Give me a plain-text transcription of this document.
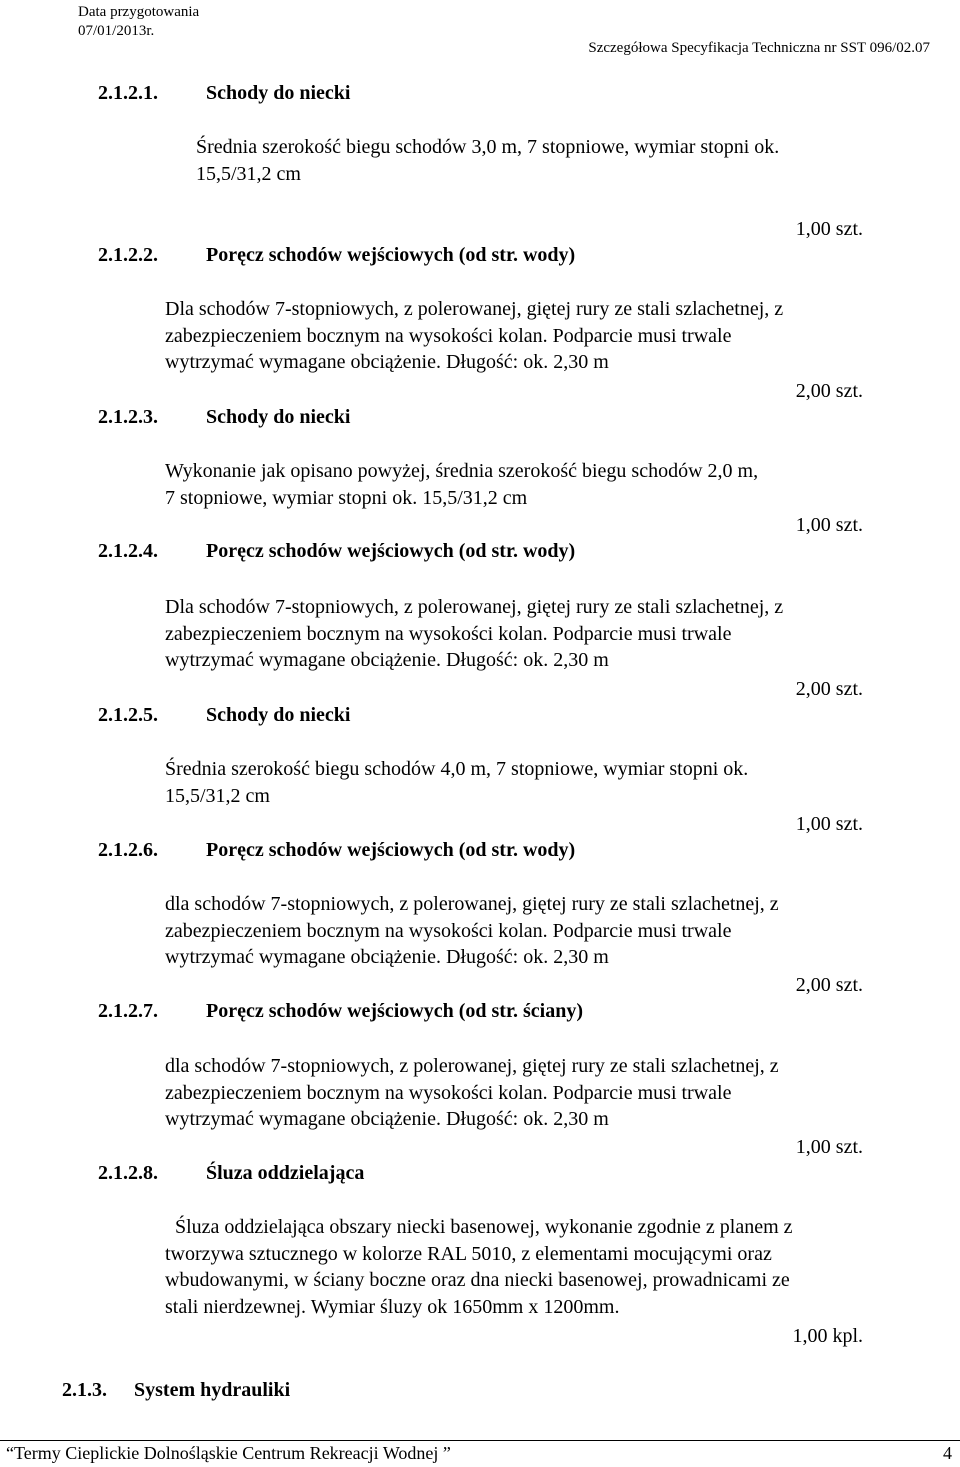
Data przygotowania
07/01/2013r.
Szczegółowa Specyfikacja Techniczna nr SST 096/02.07
2.1.2.1. Schody do niecki
Średnia szerokość biegu schodów 3,0 m, 7 stopniowe, wymiar stopni ok.
15,5/31,2 cm
1,00 szt.
2.1.2.2. Poręcz schodów wejściowych (od str. wody)
Dla schodów 7-stopniowych, z polerowanej, giętej rury ze stali szlachetnej, z
zabezpieczeniem bocznym na wysokości kolan. Podparcie musi trwale
wytrzymać wymagane obciążenie. Długość: ok. 2,30 m
2,00 szt.
2.1.2.3. Schody do niecki
Wykonanie jak opisano powyżej, średnia szerokość biegu schodów 2,0 m,
7 stopniowe, wymiar stopni ok. 15,5/31,2 cm
1,00 szt.
2.1.2.4. Poręcz schodów wejściowych (od str. wody)
Dla schodów 7-stopniowych, z polerowanej, giętej rury ze stali szlachetnej, z
zabezpieczeniem bocznym na wysokości kolan. Podparcie musi trwale
wytrzymać wymagane obciążenie. Długość: ok. 2,30 m
2,00 szt.
2.1.2.5. Schody do niecki
Średnia szerokość biegu schodów 4,0 m, 7 stopniowe, wymiar stopni ok.
15,5/31,2 cm
1,00 szt.
2.1.2.6. Poręcz schodów wejściowych (od str. wody)
dla schodów 7-stopniowych, z polerowanej, giętej rury ze stali szlachetnej, z
zabezpieczeniem bocznym na wysokości kolan. Podparcie musi trwale
wytrzymać wymagane obciążenie. Długość: ok. 2,30 m
2,00 szt.
2.1.2.7. Poręcz schodów wejściowych (od str. ściany)
dla schodów 7-stopniowych, z polerowanej, giętej rury ze stali szlachetnej, z
zabezpieczeniem bocznym na wysokości kolan. Podparcie musi trwale
wytrzymać wymagane obciążenie. Długość: ok. 2,30 m
1,00 szt.
2.1.2.8. Śluza oddzielająca
Śluza oddzielająca obszary niecki basenowej, wykonanie zgodnie z planem z
tworzywa sztucznego w kolorze RAL 5010, z elementami mocującymi oraz
wbudowanymi, w ściany boczne oraz dna niecki basenowej, prowadnicami ze
stali nierdzewnej. Wymiar śluzy ok 1650mm x 1200mm.
1,00 kpl.
2.1.3. System hydrauliki
“Termy Cieplickie Dolnośląskie Centrum Rekreacji Wodnej ”	4
